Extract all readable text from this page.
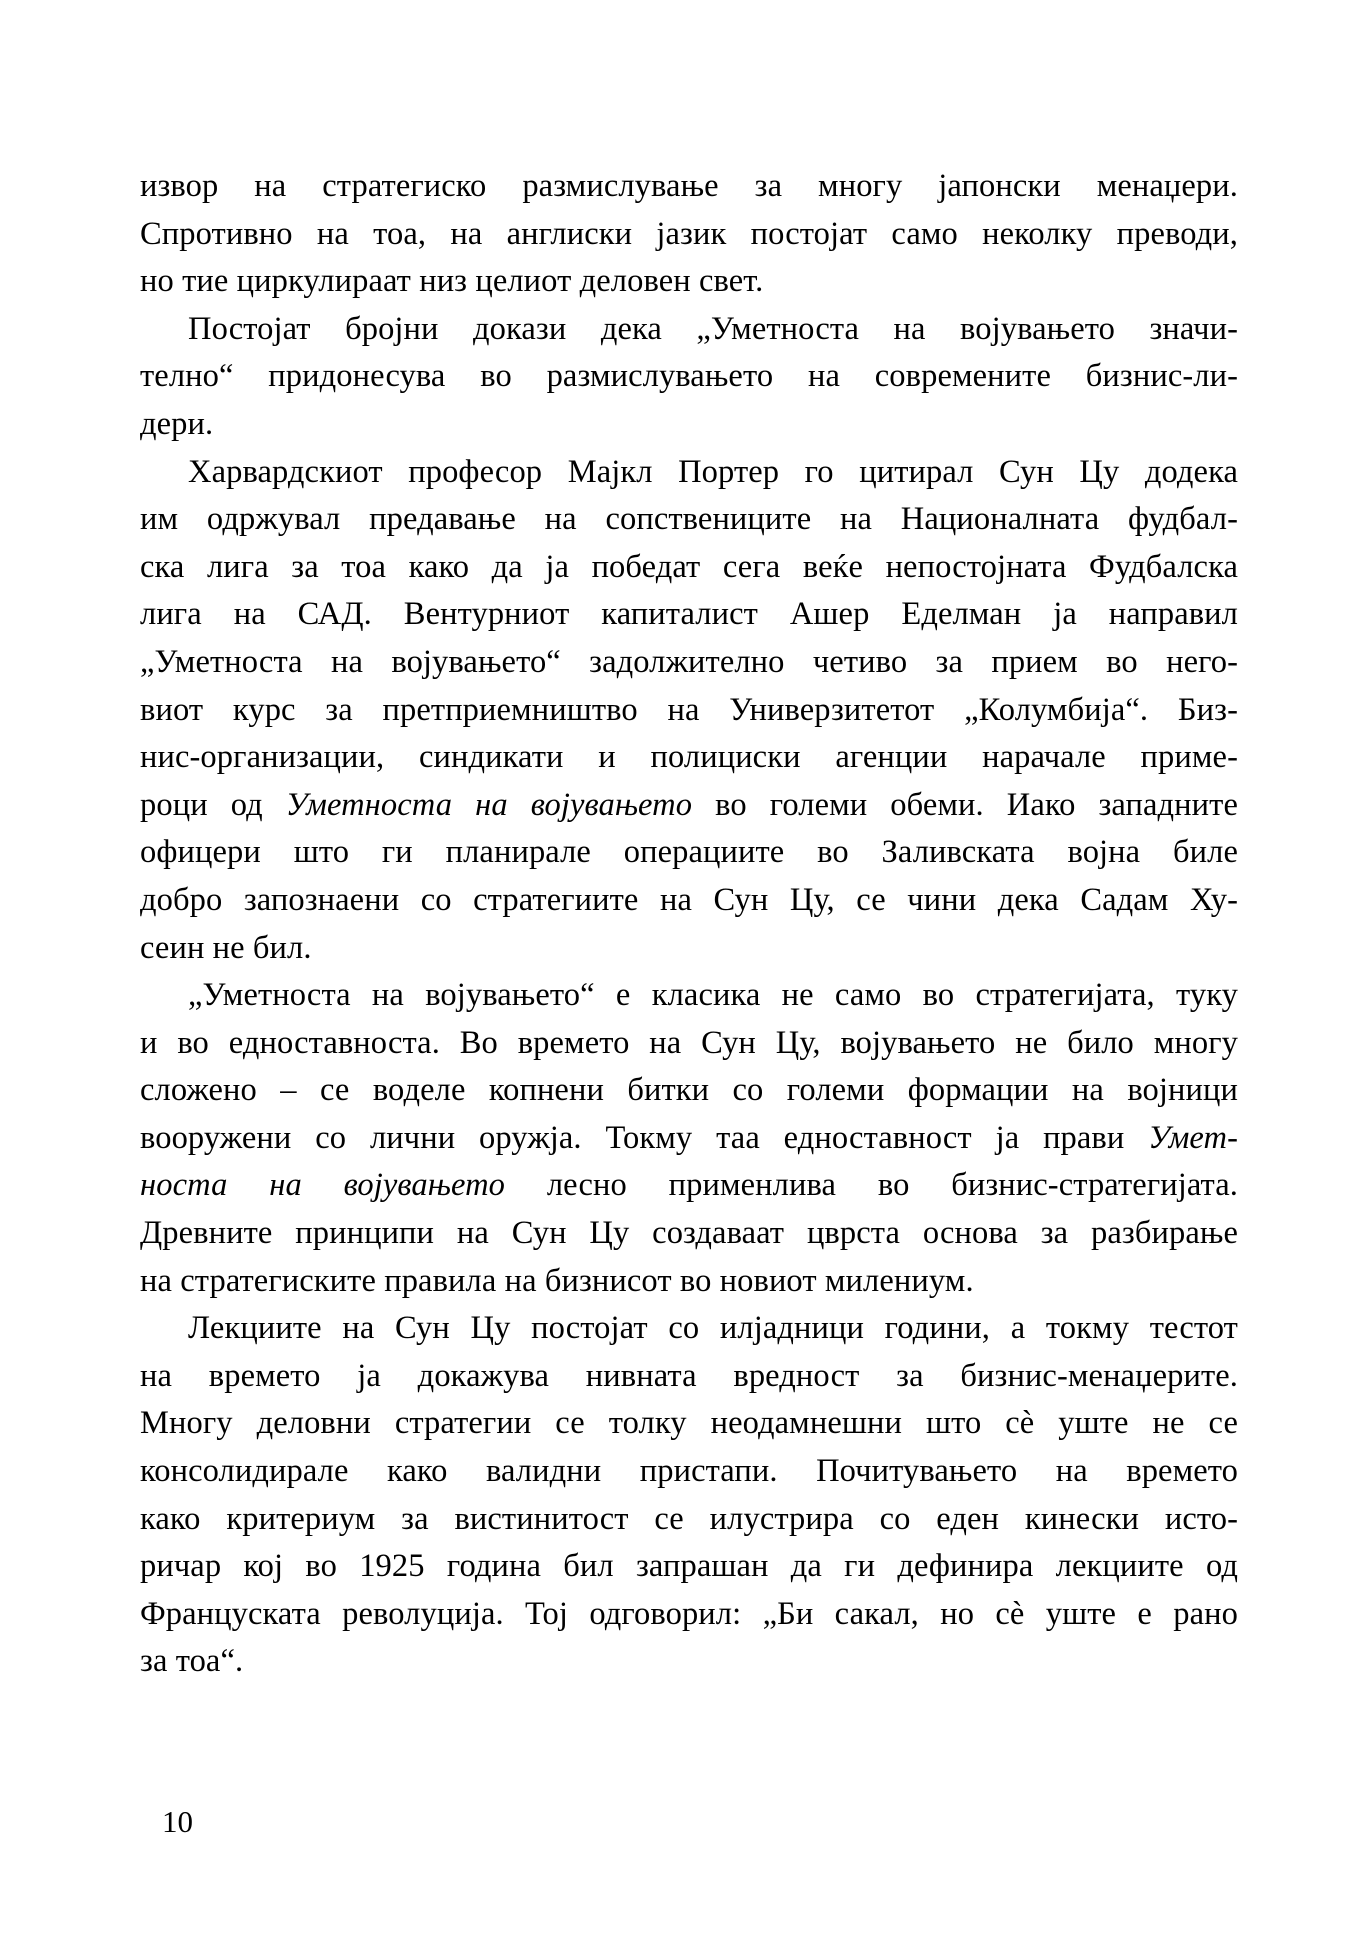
извор на стратегиско размислување за многу јапонски менаџери.
Спротивно на тоа, на англиски јазик постојат само неколку преводи,
но тие циркулираат низ целиот деловен свет.
Постојат бројни докази дека „Уметноста на војувањето значи-
телно“ придонесува во размислувањето на современите бизнис-ли-
дери.
Харвардскиот професор Мајкл Портер го цитирал Сун Цу додека
им одржувал предавање на сопствениците на Националната фудбал-
ска лига за тоа како да ја победат сега веќе непостојната Фудбалска
лига на САД. Вентурниот капиталист Ашер Еделман ја направил
„Уметноста на војувањето“ задолжително четиво за прием во него-
виот курс за претприемништво на Универзитетот „Колумбија“. Биз-
нис-организации, синдикати и полициски агенции нарачале приме-
роци од Уметноста на војувањето во големи обеми. Иако западните
офицери што ги планирале операциите во Заливската војна биле
добро запознаени со стратегиите на Сун Цу, се чини дека Садам Ху-
сеин не бил.
„Уметноста на војувањето“ е класика не само во стратегијата, туку
и во едноставноста. Во времето на Сун Цу, војувањето не било многу
сложено – се воделе копнени битки со големи формации на војници
вооружени со лични оружја. Токму таа едноставност ја прави Умет-
носта на војувањето лесно применлива во бизнис-стратегијата.
Древните принципи на Сун Цу создаваат цврста основа за разбирање
на стратегиските правила на бизнисот во новиот милениум.
Лекциите на Сун Цу постојат со илјадници години, а токму тестот
на времето ја докажува нивната вредност за бизнис-менаџерите.
Многу деловни стратегии се толку неодамнешни што сѐ уште не се
консолидирале како валидни пристапи. Почитувањето на времето
како критериум за вистинитост се илустрира со еден кинески исто-
ричар кој во 1925 година бил запрашан да ги дефинира лекциите од
Француската револуција. Тој одговорил: „Би сакал, но сѐ уште е рано
за тоа“.
10
